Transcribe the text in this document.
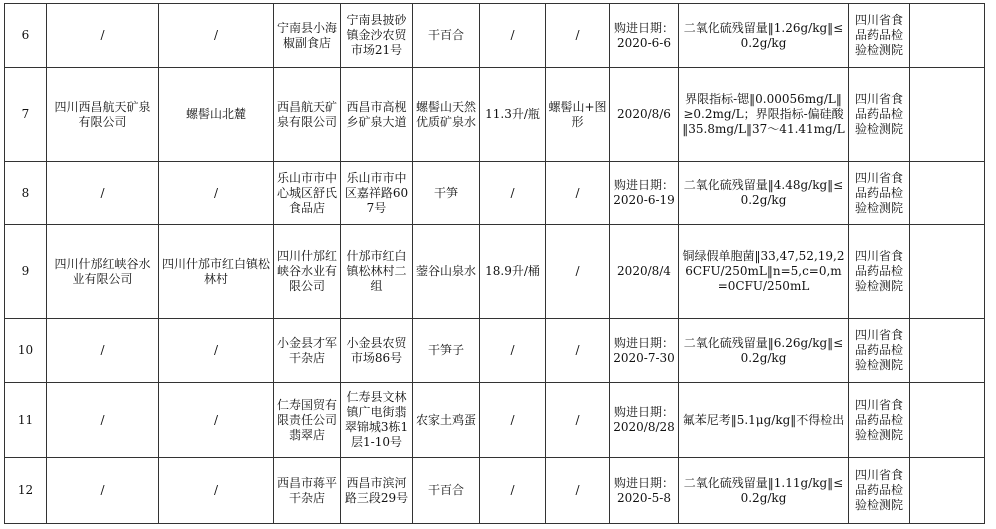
6	/	/	宁南县小海椒副食店	宁南县披砂镇金沙农贸市场21号	干百合	/	/	购进日期：2020-6-6	二氧化硫残留量‖1.26g/kg‖≤0.2g/kg	四川省食品药品检验检测院	
7	四川西昌航天矿泉有限公司	螺髻山北麓	西昌航天矿泉有限公司	西昌市高枧乡矿泉大道	螺髻山天然优质矿泉水	11.3升/瓶	螺髻山+图形	2020/8/6	界限指标-锶‖0.00056mg/L‖≥0.2mg/L；界限指标-偏硅酸‖35.8mg/L‖37～41.41mg/L	四川省食品药品检验检测院	
8	/	/	乐山市市中心城区舒氏食品店	乐山市市中区嘉祥路607号	干笋	/	/	购进日期：2020-6-19	二氧化硫残留量‖4.48g/kg‖≤0.2g/kg	四川省食品药品检验检测院	
9	四川什邡红峡谷水业有限公司	四川什邡市红白镇松林村	四川什邡红峡谷水业有限公司	什邡市红白镇松林村二组	蓥谷山泉水	18.9升/桶	/	2020/8/4	铜绿假单胞菌‖33,47,52,19,26CFU/250mL‖n=5,c=0,m=0CFU/250mL	四川省食品药品检验检测院	
10	/	/	小金县才军干杂店	小金县农贸市场86号	干笋子	/	/	购进日期：2020-7-30	二氧化硫残留量‖6.26g/kg‖≤0.2g/kg	四川省食品药品检验检测院	
11	/	/	仁寿国贸有限责任公司翡翠店	仁寿县文林镇广电街翡翠锦城3栋1层1-10号	农家土鸡蛋	/	/	购进日期：2020/8/28	氟苯尼考‖5.1μg/kg‖不得检出	四川省食品药品检验检测院	
12	/	/	西昌市蒋平干杂店	西昌市滨河路三段29号	干百合	/	/	购进日期：2020-5-8	二氧化硫残留量‖1.11g/kg‖≤0.2g/kg	四川省食品药品检验检测院	
